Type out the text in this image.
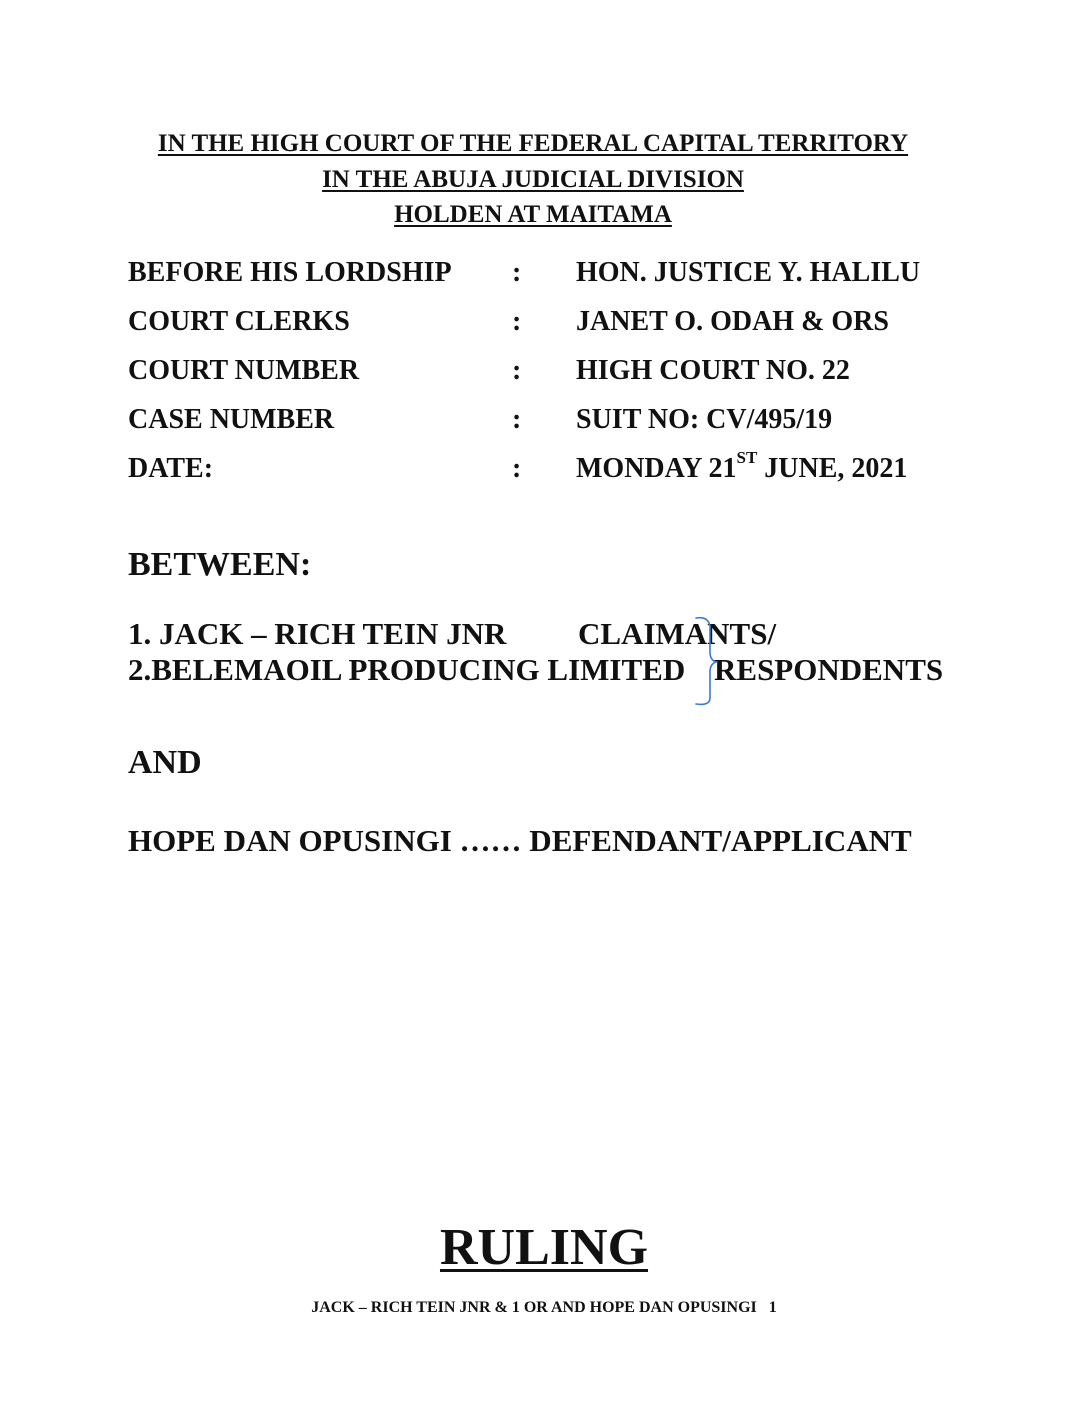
IN THE HIGH COURT OF THE FEDERAL CAPITAL TERRITORY
IN THE ABUJA JUDICIAL DIVISION
HOLDEN AT MAITAMA
BEFORE HIS LORDSHIP : HON. JUSTICE Y. HALILU
COURT CLERKS	: JANET O. ODAH & ORS
COURT NUMBER	: HIGH COURT NO. 22
CASE NUMBER	: SUIT NO: CV/495/19
DATE:	: MONDAY 21ST JUNE, 2021
BETWEEN:
1. JACK – RICH TEIN JNR CLAIMANTS/
2.BELEMAOIL PRODUCING LIMITED RESPONDENTS
AND
HOPE DAN OPUSINGI …… DEFENDANT/APPLICANT
RULING
JACK – RICH TEIN JNR & 1 OR AND HOPE DAN OPUSINGI 1
